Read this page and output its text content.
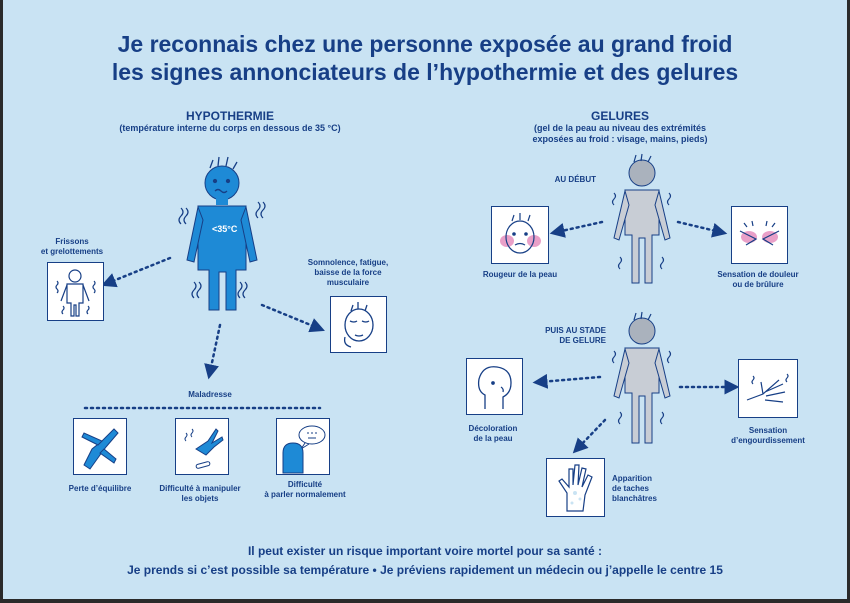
Je reconnais chez une personne exposée au grand froid
les signes annonciateurs de l’hypothermie et des gelures
HYPOTHERMIE
(température interne du corps en dessous de 35 °C)
GELURES
(gel de la peau au niveau des extrémités
exposées au froid : visage, mains, pieds)
<35°C
Frissons
et grelottements
Somnolence, fatigue,
baisse de la force
musculaire
Maladresse
Perte d’équilibre	Difficulté à manipuler
les objets
Difficulté
à parler normalement
AU DÉBUT
Rougeur de la peau	Sensation de douleur
ou de brûlure
PUIS AU STADE
DE GELURE
Décoloration
de la peau
Sensation
d’engourdissement
Apparition
de taches
blanchâtres
Il peut exister un risque important voire mortel pour sa santé :
Je prends si c’est possible sa température • Je préviens rapidement un médecin ou j’appelle le centre 15
